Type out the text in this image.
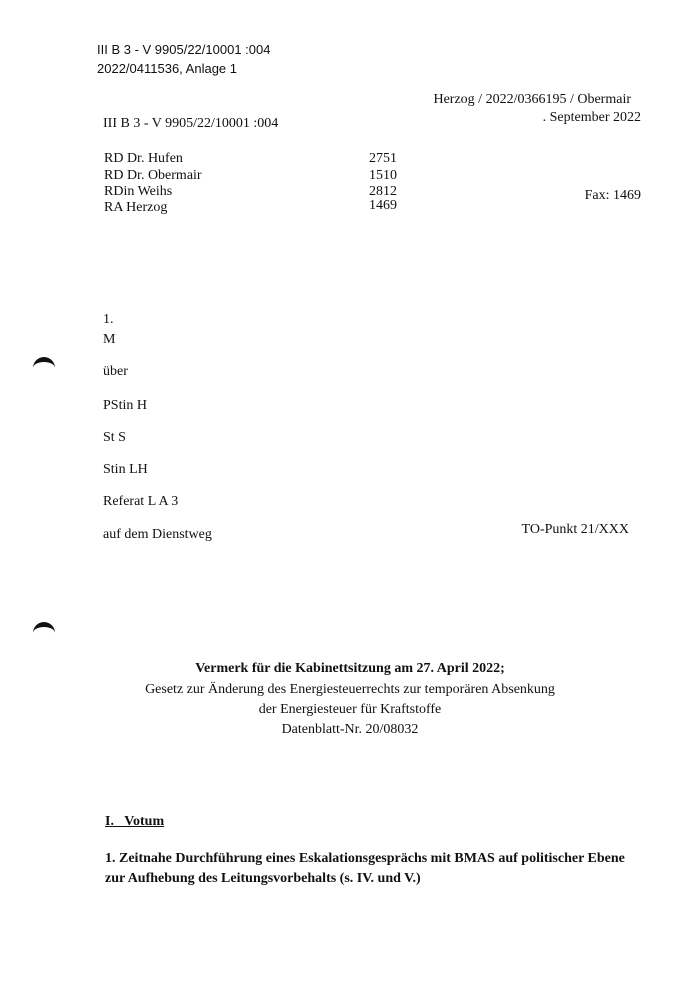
III B 3 - V 9905/22/10001 :004
2022/0411536, Anlage 1
Herzog / 2022/0366195 / Obermair
III B 3 - V 9905/22/10001 :004	. September 2022
RD Dr. Hufen	2751
RD Dr. Obermair	1510
RDin Weihs	2812
RA Herzog	1469
Fax: 1469
1.
M
über
PStin H
St S
Stin LH
Referat L A 3
auf dem Dienstweg	TO-Punkt 21/XXX
Vermerk für die Kabinettsitzung am 27. April 2022;
Gesetz zur Änderung des Energiesteuerrechts zur temporären Absenkung
der Energiesteuer für Kraftstoffe
Datenblatt-Nr. 20/08032
I.   Votum
1. Zeitnahe Durchführung eines Eskalationsgesprächs mit BMAS auf politischer Ebene
zur Aufhebung des Leitungsvorbehalts (s. IV. und V.)
